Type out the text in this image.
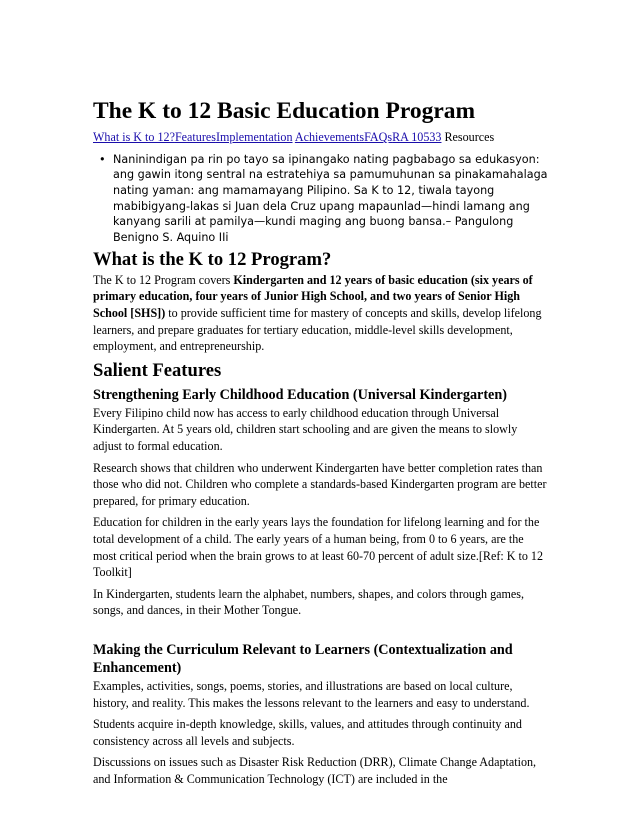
The K to 12 Basic Education Program
What is K to 12?FeaturesImplementation AchievementsFAQsRA 10533 Resources
• Naninindigan pa rin po tayo sa ipinangako nating pagbabago sa edukasyon: ang gawin itong sentral na estratehiya sa pamumuhunan sa pinakamahalaga nating yaman: ang mamamayang Pilipino. Sa K to 12, tiwala tayong mabibigyang-lakas si Juan dela Cruz upang mapaunlad—hindi lamang ang kanyang sarili at pamilya—kundi maging ang buong bansa.– Pangulong Benigno S. Aquino IIi
What is the K to 12 Program?

The K to 12 Program covers Kindergarten and 12 years of basic education (six years of primary education, four years of Junior High School, and two years of Senior High School [SHS]) to provide sufficient time for mastery of concepts and skills, develop lifelong learners, and prepare graduates for tertiary education, middle-level skills development, employment, and entrepreneurship.

Salient Features
Strengthening Early Childhood Education (Universal Kindergarten)

Every Filipino child now has access to early childhood education through Universal Kindergarten. At 5 years old, children start schooling and are given the means to slowly adjust to formal education.

Research shows that children who underwent Kindergarten have better completion rates than those who did not. Children who complete a standards-based Kindergarten program are better prepared, for primary education.

Education for children in the early years lays the foundation for lifelong learning and for the total development of a child. The early years of a human being, from 0 to 6 years, are the most critical period when the brain grows to at least 60-70 percent of adult size.[Ref: K to 12 Toolkit]

In Kindergarten, students learn the alphabet, numbers, shapes, and colors through games, songs, and dances, in their Mother Tongue.

Making the Curriculum Relevant to Learners (Contextualization and Enhancement)

Examples, activities, songs, poems, stories, and illustrations are based on local culture, history, and reality. This makes the lessons relevant to the learners and easy to understand.

Students acquire in-depth knowledge, skills, values, and attitudes through continuity and consistency across all levels and subjects.

Discussions on issues such as Disaster Risk Reduction (DRR), Climate Change Adaptation, and Information & Communication Technology (ICT) are included in the
